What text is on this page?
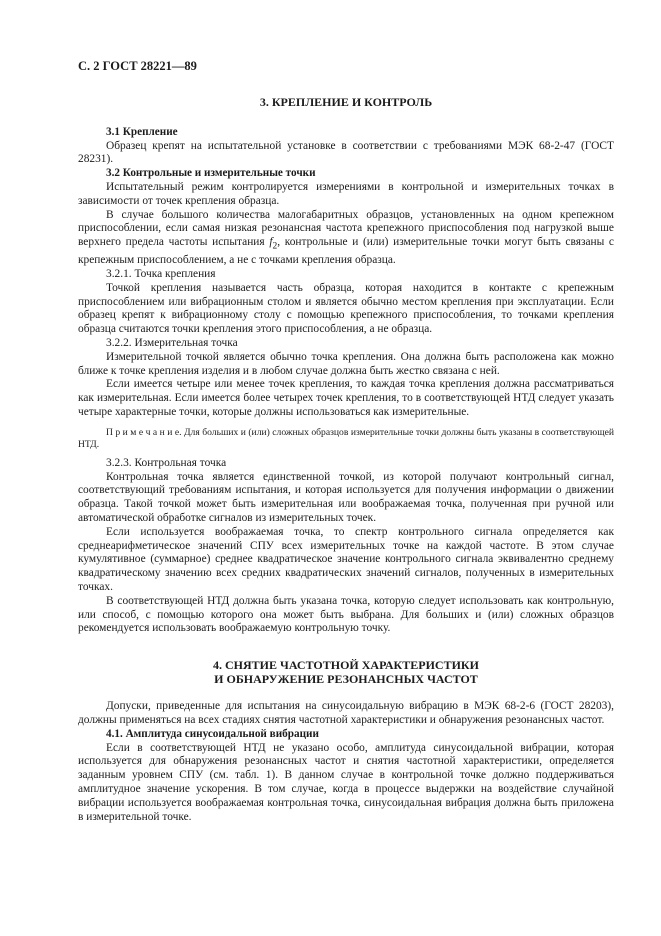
С. 2 ГОСТ 28221—89
3. КРЕПЛЕНИЕ И КОНТРОЛЬ
3.1 Крепление

Образец крепят на испытательной установке в соответствии с требованиями МЭК 68-2-47 (ГОСТ 28231).

3.2 Контрольные и измерительные точки

Испытательный режим контролируется измерениями в контрольной и измерительных точках в зависимости от точек крепления образца.

В случае большого количества малогабаритных образцов, установленных на одном крепежном приспособлении, если самая низкая резонансная частота крепежного приспособления под нагрузкой выше верхнего предела частоты испытания $f_2$, контрольные и (или) измерительные точки могут быть связаны с крепежным приспособлением, а не с точками крепления образца.

3.2.1. Точка крепления

Точкой крепления называется часть образца, которая находится в контакте с крепежным приспособлением или вибрационным столом и является обычно местом крепления при эксплуатации. Если образец крепят к вибрационному столу с помощью крепежного приспособления, то точками крепления образца считаются точки крепления этого приспособления, а не образца.

3.2.2. Измерительная точка

Измерительной точкой является обычно точка крепления. Она должна быть расположена как можно ближе к точке крепления изделия и в любом случае должна быть жестко связана с ней.

Если имеется четыре или менее точек крепления, то каждая точка крепления должна рассматриваться как измерительная. Если имеется более четырех точек крепления, то в соответствующей НТД следует указать четыре характерные точки, которые должны использоваться как измерительные.

П р и м е ч а н и е. Для больших и (или) сложных образцов измерительные точки должны быть указаны в соответствующей НТД.
3.2.3. Контрольная точка

Контрольная точка является единственной точкой, из которой получают контрольный сигнал, соответствующий требованиям испытания, и которая используется для получения информации о движении образца. Такой точкой может быть измерительная или воображаемая точка, полученная при ручной или автоматической обработке сигналов из измерительных точек.

Если используется воображаемая точка, то спектр контрольного сигнала определяется как среднеарифметическое значений СПУ всех измерительных точке на каждой частоте. В этом случае кумулятивное (суммарное) среднее квадратическое значение контрольного сигнала эквивалентно среднему квадратическому значению всех средних квадратических значений сигналов, полученных в измерительных точках.

В соответствующей НТД должна быть указана точка, которую следует использовать как контрольную, или способ, с помощью которого она может быть выбрана. Для больших и (или) сложных образцов рекомендуется использовать воображаемую контрольную точку.

4. СНЯТИЕ ЧАСТОТНОЙ ХАРАКТЕРИСТИКИ
И ОБНАРУЖЕНИЕ РЕЗОНАНСНЫХ ЧАСТОТ

Допуски, приведенные для испытания на синусоидальную вибрацию в МЭК 68-2-6 (ГОСТ 28203), должны применяться на всех стадиях снятия частотной характеристики и обнаружения резонансных частот.

4.1. Амплитуда синусоидальной вибрации

Если в соответствующей НТД не указано особо, амплитуда синусоидальной вибрации, которая используется для обнаружения резонансных частот и снятия частотной характеристики, определяется заданным уровнем СПУ (см. табл. 1). В данном случае в контрольной точке должно поддерживаться амплитудное значение ускорения. В том случае, когда в процессе выдержки на воздействие случайной вибрации используется воображаемая контрольная точка, синусоидальная вибрация должна быть приложена в измерительной точке.
